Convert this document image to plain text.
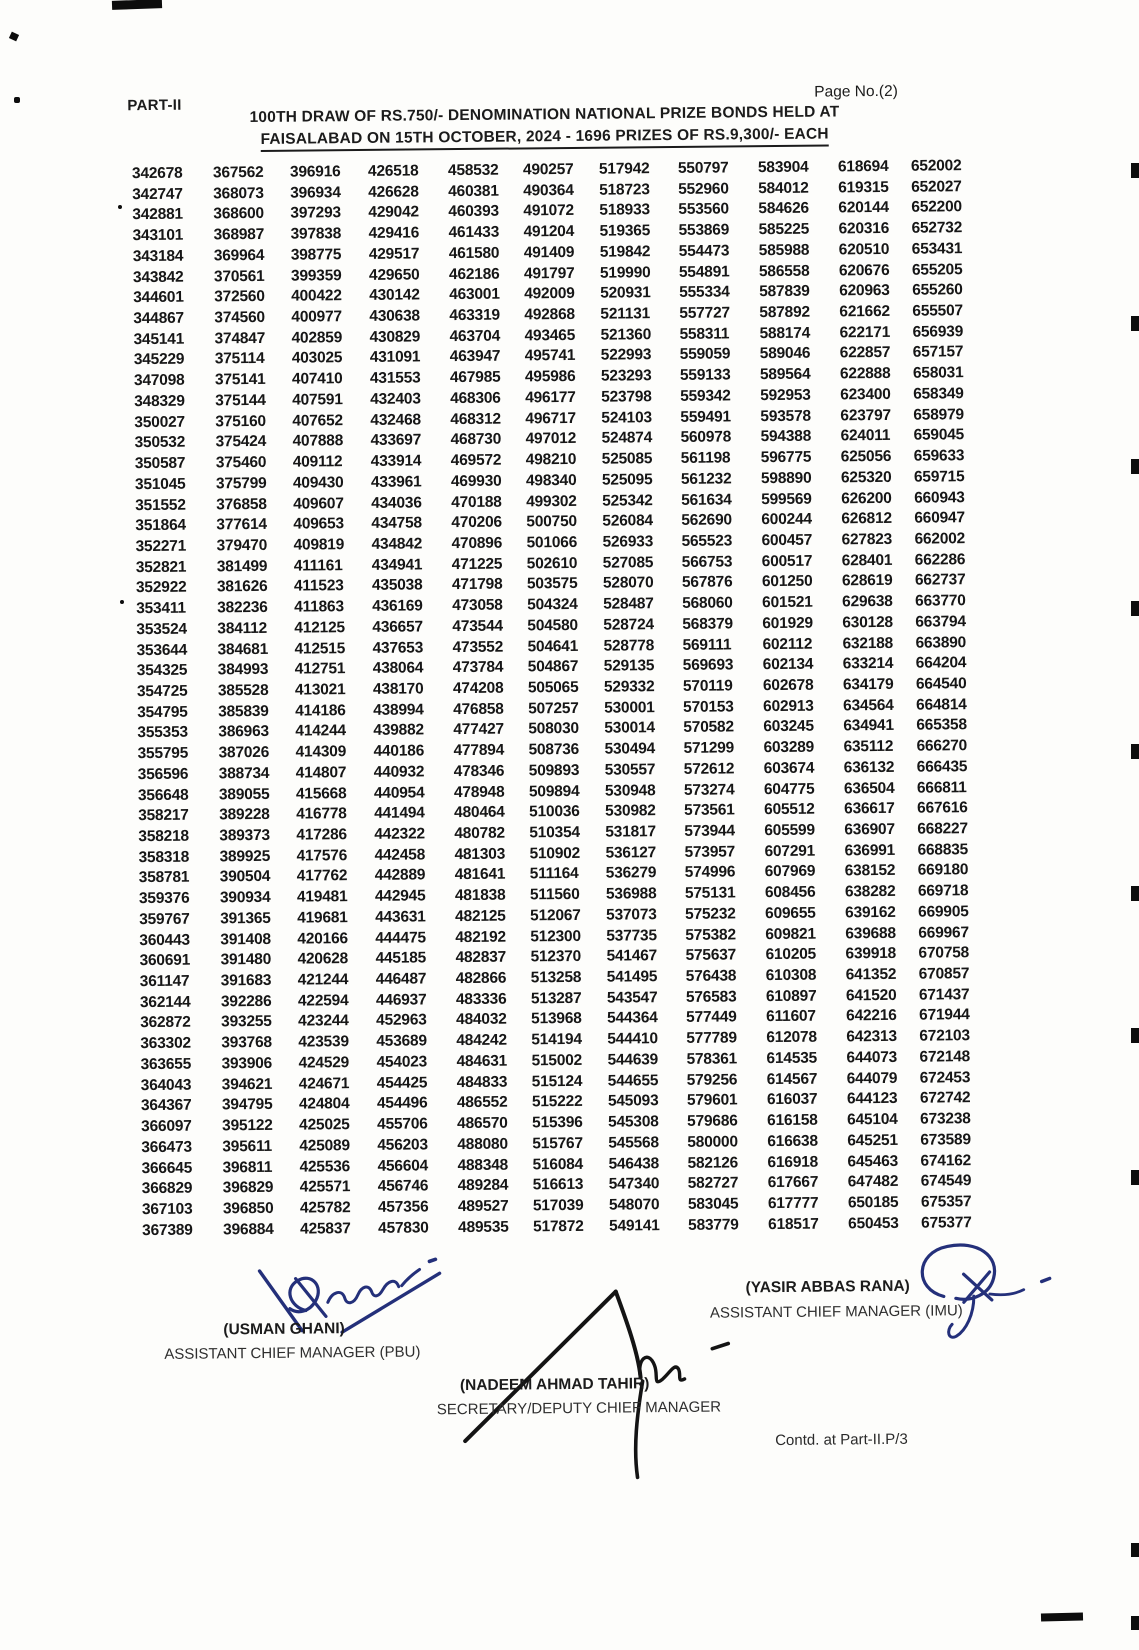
PART-II
Page No.(2)
100TH DRAW OF RS.750/- DENOMINATION NATIONAL PRIZE BONDS HELD AT
FAISALABAD ON 15TH OCTOBER, 2024 - 1696 PRIZES OF RS.9,300/- EACH
342678	367562	396916	426518	458532	490257	517942	550797	583904	618694	652002
342747	368073	396934	426628	460381	490364	518723	552960	584012	619315	652027
342881	368600	397293	429042	460393	491072	518933	553560	584626	620144	652200
343101	368987	397838	429416	461433	491204	519365	553869	585225	620316	652732
343184	369964	398775	429517	461580	491409	519842	554473	585988	620510	653431
343842	370561	399359	429650	462186	491797	519990	554891	586558	620676	655205
344601	372560	400422	430142	463001	492009	520931	555334	587839	620963	655260
344867	374560	400977	430638	463319	492868	521131	557727	587892	621662	655507
345141	374847	402859	430829	463704	493465	521360	558311	588174	622171	656939
345229	375114	403025	431091	463947	495741	522993	559059	589046	622857	657157
347098	375141	407410	431553	467985	495986	523293	559133	589564	622888	658031
348329	375144	407591	432403	468306	496177	523798	559342	592953	623400	658349
350027	375160	407652	432468	468312	496717	524103	559491	593578	623797	658979
350532	375424	407888	433697	468730	497012	524874	560978	594388	624011	659045
350587	375460	409112	433914	469572	498210	525085	561198	596775	625056	659633
351045	375799	409430	433961	469930	498340	525095	561232	598890	625320	659715
351552	376858	409607	434036	470188	499302	525342	561634	599569	626200	660943
351864	377614	409653	434758	470206	500750	526084	562690	600244	626812	660947
352271	379470	409819	434842	470896	501066	526933	565523	600457	627823	662002
352821	381499	411161	434941	471225	502610	527085	566753	600517	628401	662286
352922	381626	411523	435038	471798	503575	528070	567876	601250	628619	662737
353411	382236	411863	436169	473058	504324	528487	568060	601521	629638	663770
353524	384112	412125	436657	473544	504580	528724	568379	601929	630128	663794
353644	384681	412515	437653	473552	504641	528778	569111	602112	632188	663890
354325	384993	412751	438064	473784	504867	529135	569693	602134	633214	664204
354725	385528	413021	438170	474208	505065	529332	570119	602678	634179	664540
354795	385839	414186	438994	476858	507257	530001	570153	602913	634564	664814
355353	386963	414244	439882	477427	508030	530014	570582	603245	634941	665358
355795	387026	414309	440186	477894	508736	530494	571299	603289	635112	666270
356596	388734	414807	440932	478346	509893	530557	572612	603674	636132	666435
356648	389055	415668	440954	478948	509894	530948	573274	604775	636504	666811
358217	389228	416778	441494	480464	510036	530982	573561	605512	636617	667616
358218	389373	417286	442322	480782	510354	531817	573944	605599	636907	668227
358318	389925	417576	442458	481303	510902	536127	573957	607291	636991	668835
358781	390504	417762	442889	481641	511164	536279	574996	607969	638152	669180
359376	390934	419481	442945	481838	511560	536988	575131	608456	638282	669718
359767	391365	419681	443631	482125	512067	537073	575232	609655	639162	669905
360443	391408	420166	444475	482192	512300	537735	575382	609821	639688	669967
360691	391480	420628	445185	482837	512370	541467	575637	610205	639918	670758
361147	391683	421244	446487	482866	513258	541495	576438	610308	641352	670857
362144	392286	422594	446937	483336	513287	543547	576583	610897	641520	671437
362872	393255	423244	452963	484032	513968	544364	577449	611607	642216	671944
363302	393768	423539	453689	484242	514194	544410	577789	612078	642313	672103
363655	393906	424529	454023	484631	515002	544639	578361	614535	644073	672148
364043	394621	424671	454425	484833	515124	544655	579256	614567	644079	672453
364367	394795	424804	454496	486552	515222	545093	579601	616037	644123	672742
366097	395122	425025	455706	486570	515396	545308	579686	616158	645104	673238
366473	395611	425089	456203	488080	515767	545568	580000	616638	645251	673589
366645	396811	425536	456604	488348	516084	546438	582126	616918	645463	674162
366829	396829	425571	456746	489284	516613	547340	582727	617667	647482	674549
367103	396850	425782	457356	489527	517039	548070	583045	617777	650185	675357
367389	396884	425837	457830	489535	517872	549141	583779	618517	650453	675377
(USMAN GHANI)
ASSISTANT CHIEF MANAGER (PBU)
(NADEEM AHMAD TAHIR)
SECRETARY/DEPUTY CHIEF MANAGER
(YASIR ABBAS RANA)
ASSISTANT CHIEF MANAGER (IMU)
Contd. at Part-II.P/3
